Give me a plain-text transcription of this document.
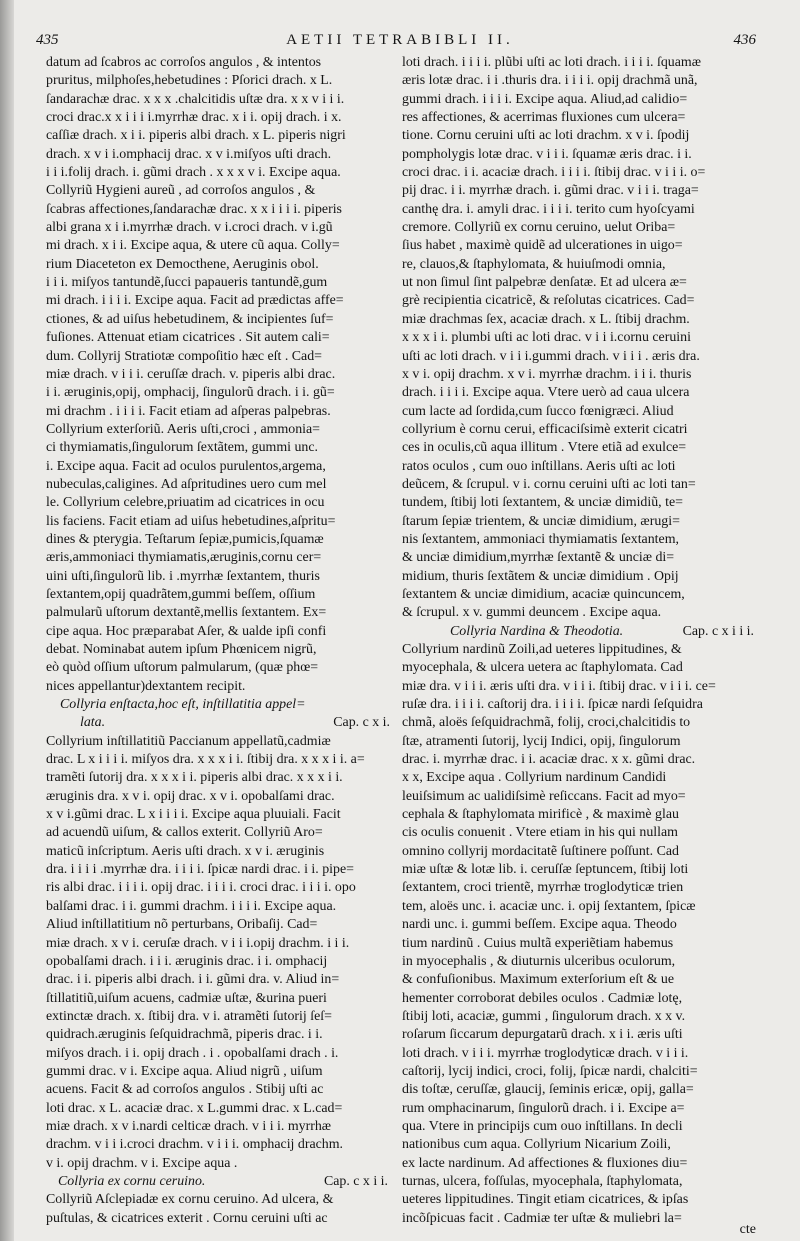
435	AETII TETRABIBLI II.	436
datum ad ſcabros ac corroſos angulos , & intentos
pruritus, milphoſes,hebetudines : Pſorici drach. x L.
ſandarachæ drac. x x x .chalcitidis uſtæ dra. x x v i i i.
croci drac.x x i i i i.myrrhæ drac. x i i. opij drach. i x.
caſſiæ drach. x i i. piperis albi drach. x L. piperis nigri
drach. x v i i.omphacij drac. x v i.miſyos uſti drach.
i i i.folij drach. i. gũmi drach . x x x v i. Excipe aqua.
Collyriũ Hygieni aureũ , ad corroſos angulos , &
ſcabras affectiones,ſandarachæ drac. x x i i i i. piperis
albi grana x i i.myrrhæ drach. v i.croci drach. v i.gũ
mi drach. x i i. Excipe aqua, & utere cũ aqua. Colly=
rium Diaceteton ex Democthene, Aeruginis obol.
i i i. miſyos tantundẽ,ſucci papaueris tantundẽ,gum
mi drach. i i i i. Excipe aqua. Facit ad prædictas affe=
ctiones, & ad uiſus hebetudinem, & incipientes ſuf=
fuſiones. Attenuat etiam cicatrices . Sit autem cali=
dum. Collyrij Stratiotæ compoſitio hæc eſt . Cad=
miæ drach. v i i i. ceruſſæ drach. v. piperis albi drac.
i i. æruginis,opij, omphacij, ſingulorũ drach. i i. gũ=
mi drachm . i i i i. Facit etiam ad aſperas palpebras.
Collyrium exterſoriũ. Aeris uſti,croci , ammonia=
ci thymiamatis,ſingulorum ſextãtem, gummi unc.
i. Excipe aqua. Facit ad oculos purulentos,argema,
nubeculas,caligines. Ad aſpritudines uero cum mel
le. Collyrium celebre,priuatim ad cicatrices in ocu
lis faciens. Facit etiam ad uiſus hebetudines,aſpritu=
dines & pterygia. Teſtarum ſepiæ,pumicis,ſquamæ
æris,ammoniaci thymiamatis,æruginis,cornu cer=
uini uſti,ſingulorũ lib. i .myrrhæ ſextantem, thuris
ſextantem,opij quadrãtem,gummi beſſem, oſſium
palmularũ uſtorum dextantẽ,mellis ſextantem. Ex=
cipe aqua. Hoc præparabat Aſer, & ualde ipſi confi
debat. Nominabat autem ipſum Phœnicem nigrũ,
eò quòd oſſium uſtorum palmularum, (quæ phœ=
nices appellantur)dextantem recipit.
Collyria enſtacta,hoc eſt, inſtillatitia appel=
lata.	Cap. c x i.
Collyrium inſtillatitiũ Paccianum appellatũ,cadmiæ
drac. L x i i i i. miſyos dra. x x x i i. ſtibij dra. x x x i i. a=
tramẽti ſutorij dra. x x x i i. piperis albi drac. x x x i i.
æruginis dra. x v i. opij drac. x v i. opobalſami drac.
x v i.gũmi drac. L x i i i i. Excipe aqua pluuiali. Facit
ad acuendũ uiſum, & callos exterit. Collyriũ Aro=
maticũ inſcriptum. Aeris uſti drach. x v i. æruginis
dra. i i i i .myrrhæ dra. i i i i. ſpicæ nardi drac. i i. pipe=
ris albi drac. i i i i. opij drac. i i i i. croci drac. i i i i. opo
balſami drac. i i. gummi drachm. i i i i. Excipe aqua.
Aliud inſtillatitium nõ perturbans, Oribaſij. Cad=
miæ drach. x v i. ceruſæ drach. v i i i.opij drachm. i i i.
opobalſami drach. i i i. æruginis drac. i i. omphacij
drac. i i. piperis albi drach. i i. gũmi dra. v. Aliud in=
ſtillatitiũ,uiſum acuens, cadmiæ uſtæ, &urina pueri
extinctæ drach. x. ſtibij dra. v i. atramẽti ſutorij ſeſ=
quidrach.æruginis ſeſquidrachmã, piperis drac. i i.
miſyos drach. i i. opij drach . i . opobalſami drach . i.
gummi drac. v i. Excipe aqua. Aliud nigrũ , uiſum
acuens. Facit & ad corroſos angulos . Stibij uſti ac
loti drac. x L. acaciæ drac. x L.gummi drac. x L.cad=
miæ drach. x v i.nardi celticæ drach. v i i i. myrrhæ
drachm. v i i i.croci drachm. v i i i. omphacij drachm.
v i. opij drachm. v i. Excipe aqua .
Collyria ex cornu ceruino.	Cap. c x i i.
Collyriũ Aſclepiadæ ex cornu ceruino. Ad ulcera, &
puſtulas, & cicatrices exterit . Cornu ceruini uſti ac
loti drach. i i i i. plũbi uſti ac loti drach. i i i i. ſquamæ
æris lotæ drac. i i .thuris dra. i i i i. opij drachmã unã,
gummi drach. i i i i. Excipe aqua. Aliud,ad calidio=
res affectiones, & acerrimas fluxiones cum ulcera=
tione. Cornu ceruini uſti ac loti drachm. x v i. ſpodij
pompholygis lotæ drac. v i i i. ſquamæ æris drac. i i.
croci drac. i i. acaciæ drach. i i i i. ſtibij drac. v i i i. o=
pij drac. i i. myrrhæ drach. i. gũmi drac. v i i i. traga=
canthę dra. i. amyli drac. i i i i. terito cum hyoſcyami
cremore. Collyriũ ex cornu ceruino, uelut Oriba=
ſius habet , maximè quidẽ ad ulcerationes in uigo=
re, clauos,& ſtaphylomata, & huiuſmodi omnia,
ut non ſimul ſint palpebræ denſatæ. Et ad ulcera æ=
grè recipientia cicatricẽ, & reſolutas cicatrices. Cad=
miæ drachmas ſex, acaciæ drach. x L. ſtibij drachm.
x x x i i. plumbi uſti ac loti drac. v i i i.cornu ceruini
uſti ac loti drach. v i i i.gummi drach. v i i i . æris dra.
x v i. opij drachm. x v i. myrrhæ drachm. i i i. thuris
drach. i i i i. Excipe aqua. Vtere uerò ad caua ulcera
cum lacte ad ſordida,cum ſucco fœnigræci. Aliud
collyrium è cornu cerui, efficaciſsimè exterit cicatri
ces in oculis,cũ aqua illitum . Vtere etiã ad exulce=
ratos oculos , cum ouo inſtillans. Aeris uſti ac loti
deũcem, & ſcrupul. v i. cornu ceruini uſti ac loti tan=
tundem, ſtibij loti ſextantem, & unciæ dimidiũ, te=
ſtarum ſepiæ trientem, & unciæ dimidium, ærugi=
nis ſextantem, ammoniaci thymiamatis ſextantem,
& unciæ dimidium,myrrhæ ſextantẽ & unciæ di=
midium, thuris ſextãtem & unciæ dimidium . Opij
ſextantem & unciæ dimidium, acaciæ quincuncem,
& ſcrupul. x v. gummi deuncem . Excipe aqua.
Collyria Nardina & Theodotia.	Cap. c x i i i.
Collyrium nardinũ Zoili,ad ueteres lippitudines, &
myocephala, & ulcera uetera ac ſtaphylomata. Cad
miæ dra. v i i i. æris uſti dra. v i i i. ſtibij drac. v i i i. ce=
ruſæ dra. i i i i. caſtorij dra. i i i i. ſpicæ nardi ſeſquidra
chmã, aloës ſeſquidrachmã, folij, croci,chalcitidis to
ſtæ, atramenti ſutorij, lycij Indici, opij, ſingulorum
drac. i. myrrhæ drac. i i. acaciæ drac. x x. gũmi drac.
x x, Excipe aqua . Collyrium nardinum Candidi
leuiſsimum ac ualidiſsimè reſiccans. Facit ad myo=
cephala & ſtaphylomata mirificè , & maximè glau
cis oculis conuenit . Vtere etiam in his qui nullam
omnino collyrij mordacitatẽ ſuſtinere poſſunt. Cad
miæ uſtæ & lotæ lib. i. ceruſſæ ſeptuncem, ſtibij loti
ſextantem, croci trientẽ, myrrhæ troglodyticæ trien
tem, aloës unc. i. acaciæ unc. i. opij ſextantem, ſpicæ
nardi unc. i. gummi beſſem. Excipe aqua. Theodo
tium nardinũ . Cuius multã experiẽtiam habemus
in myocephalis , & diuturnis ulceribus oculorum,
& confuſionibus. Maximum exterſorium eſt & ue
hementer corroborat debiles oculos . Cadmiæ lotę,
ſtibij loti, acaciæ, gummi , ſingulorum drach. x x v.
roſarum ſiccarum depurgatarũ drach. x i i. æris uſti
loti drach. v i i i. myrrhæ troglodyticæ drach. v i i i.
caſtorij, lycij indici, croci, folij, ſpicæ nardi, chalciti=
dis toſtæ, ceruſſæ, glaucij, ſeminis ericæ, opij, galla=
rum omphacinarum, ſingulorũ drach. i i. Excipe a=
qua. Vtere in principijs cum ouo inſtillans. In decli
nationibus cum aqua. Collyrium Nicarium Zoili,
ex lacte nardinum. Ad affectiones & fluxiones diu=
turnas, ulcera, foſſulas, myocephala, ſtaphylomata,
ueteres lippitudines. Tingit etiam cicatrices, & ipſas
incõſpicuas facit . Cadmiæ ter uſtæ & muliebri la=
cte
